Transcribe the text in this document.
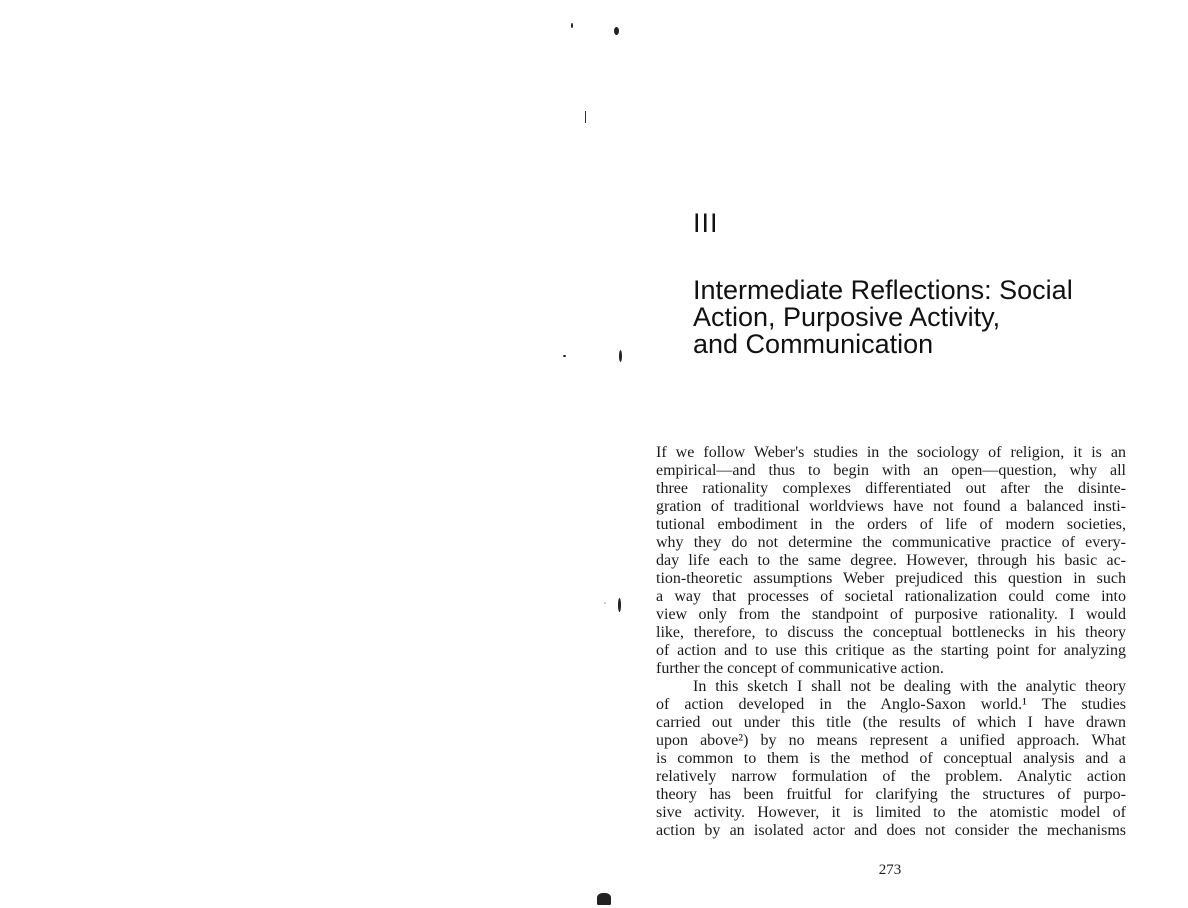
III
Intermediate Reflections: Social
Action, Purposive Activity,
and Communication
If we follow Weber's studies in the sociology of religion, it is an
empirical—and thus to begin with an open—question, why all
three rationality complexes differentiated out after the disinte-
gration of traditional worldviews have not found a balanced insti-
tutional embodiment in the orders of life of modern societies,
why they do not determine the communicative practice of every-
day life each to the same degree. However, through his basic ac-
tion-theoretic assumptions Weber prejudiced this question in such
a way that processes of societal rationalization could come into
view only from the standpoint of purposive rationality. I would
like, therefore, to discuss the conceptual bottlenecks in his theory
of action and to use this critique as the starting point for analyzing
further the concept of communicative action.
In this sketch I shall not be dealing with the analytic theory
of action developed in the Anglo-Saxon world.¹ The studies
carried out under this title (the results of which I have drawn
upon above²) by no means represent a unified approach. What
is common to them is the method of conceptual analysis and a
relatively narrow formulation of the problem. Analytic action
theory has been fruitful for clarifying the structures of purpo-
sive activity. However, it is limited to the atomistic model of
action by an isolated actor and does not consider the mechanisms

273
